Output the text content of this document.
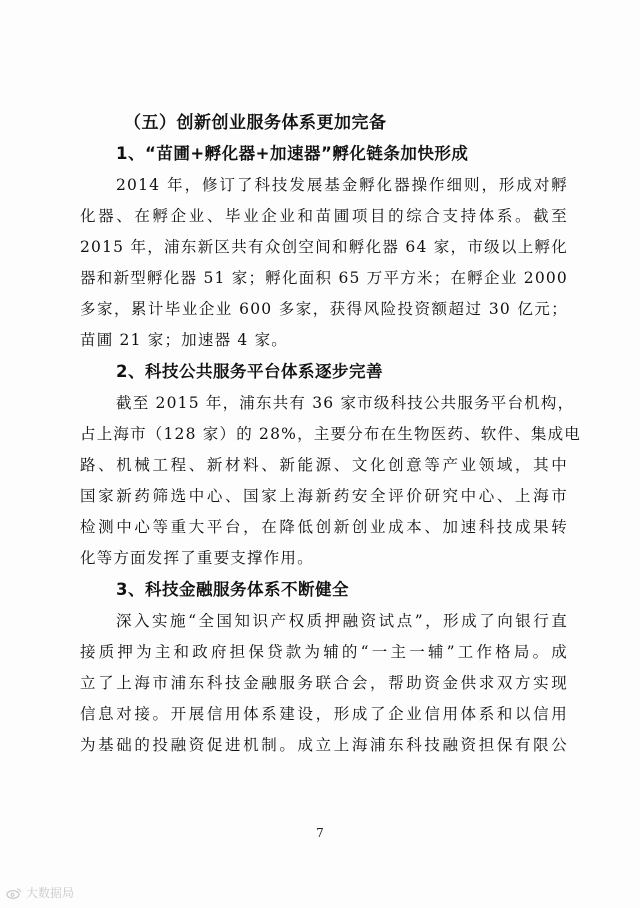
（五）创新创业服务体系更加完备
1、“苗圃+孵化器+加速器”孵化链条加快形成
2014 年，修订了科技发展基金孵化器操作细则，形成对孵
化器、在孵企业、毕业企业和苗圃项目的综合支持体系。截至
2015 年，浦东新区共有众创空间和孵化器 64 家，市级以上孵化
器和新型孵化器 51 家；孵化面积 65 万平方米；在孵企业 2000
多家，累计毕业企业 600 多家，获得风险投资额超过 30 亿元；
苗圃 21 家；加速器 4 家。
2、科技公共服务平台体系逐步完善
截至 2015 年，浦东共有 36 家市级科技公共服务平台机构，
占上海市（128 家）的 28%，主要分布在生物医药、软件、集成电
路、机械工程、新材料、新能源、文化创意等产业领域，其中
国家新药筛选中心、国家上海新药安全评价研究中心、上海市
检测中心等重大平台，在降低创新创业成本、加速科技成果转
化等方面发挥了重要支撑作用。
3、科技金融服务体系不断健全
深入实施“全国知识产权质押融资试点”，形成了向银行直
接质押为主和政府担保贷款为辅的“一主一辅”工作格局。成
立了上海市浦东科技金融服务联合会，帮助资金供求双方实现
信息对接。开展信用体系建设，形成了企业信用体系和以信用
为基础的投融资促进机制。成立上海浦东科技融资担保有限公
7
大数据局
